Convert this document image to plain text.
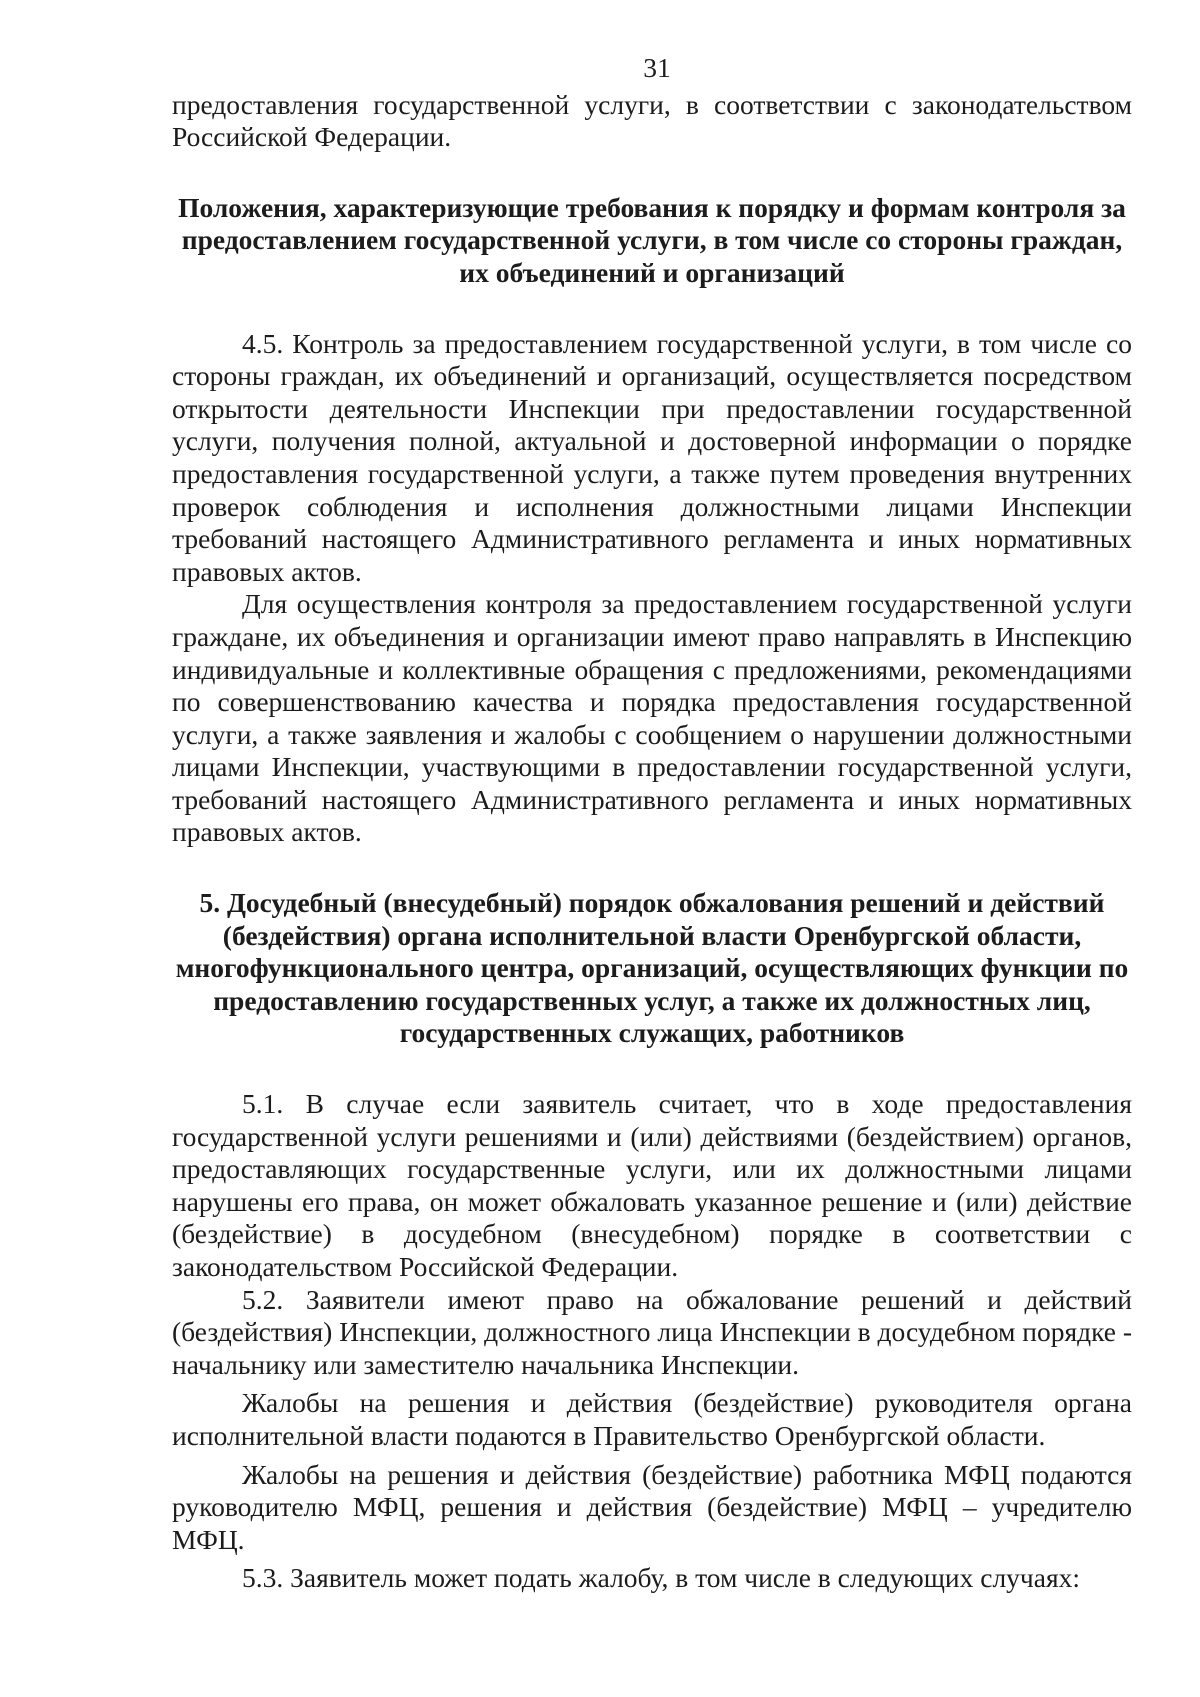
31

предоставления государственной услуги, в соответствии с законодательством Российской Федерации.

Положения, характеризующие требования к порядку и формам контроля за предоставлением государственной услуги, в том числе со стороны граждан, их объединений и организаций

4.5. Контроль за предоставлением государственной услуги, в том числе со стороны граждан, их объединений и организаций, осуществляется посредством открытости деятельности Инспекции при предоставлении государственной услуги, получения полной, актуальной и достоверной информации о порядке предоставления государственной услуги, а также путем проведения внутренних проверок соблюдения и исполнения должностными лицами Инспекции требований настоящего Административного регламента и иных нормативных правовых актов.

Для осуществления контроля за предоставлением государственной услуги граждане, их объединения и организации имеют право направлять в Инспекцию индивидуальные и коллективные обращения с предложениями, рекомендациями по совершенствованию качества и порядка предоставления государственной услуги, а также заявления и жалобы с сообщением о нарушении должностными лицами Инспекции, участвующими в предоставлении государственной услуги, требований настоящего Административного регламента и иных нормативных правовых актов.

5. Досудебный (внесудебный) порядок обжалования решений и действий (бездействия) органа исполнительной власти Оренбургской области, многофункционального центра, организаций, осуществляющих функции по предоставлению государственных услуг, а также их должностных лиц, государственных служащих, работников

5.1. В случае если заявитель считает, что в ходе предоставления государственной услуги решениями и (или) действиями (бездействием) органов, предоставляющих государственные услуги, или их должностными лицами нарушены его права, он может обжаловать указанное решение и (или) действие (бездействие) в досудебном (внесудебном) порядке в соответствии с законодательством Российской Федерации.

5.2. Заявители имеют право на обжалование решений и действий (бездействия) Инспекции, должностного лица Инспекции в досудебном порядке - начальнику или заместителю начальника Инспекции.

Жалобы на решения и действия (бездействие) руководителя органа исполнительной власти подаются в Правительство Оренбургской области.

Жалобы на решения и действия (бездействие) работника МФЦ подаются руководителю МФЦ, решения и действия (бездействие) МФЦ – учредителю МФЦ.

5.3. Заявитель может подать жалобу, в том числе в следующих случаях:
